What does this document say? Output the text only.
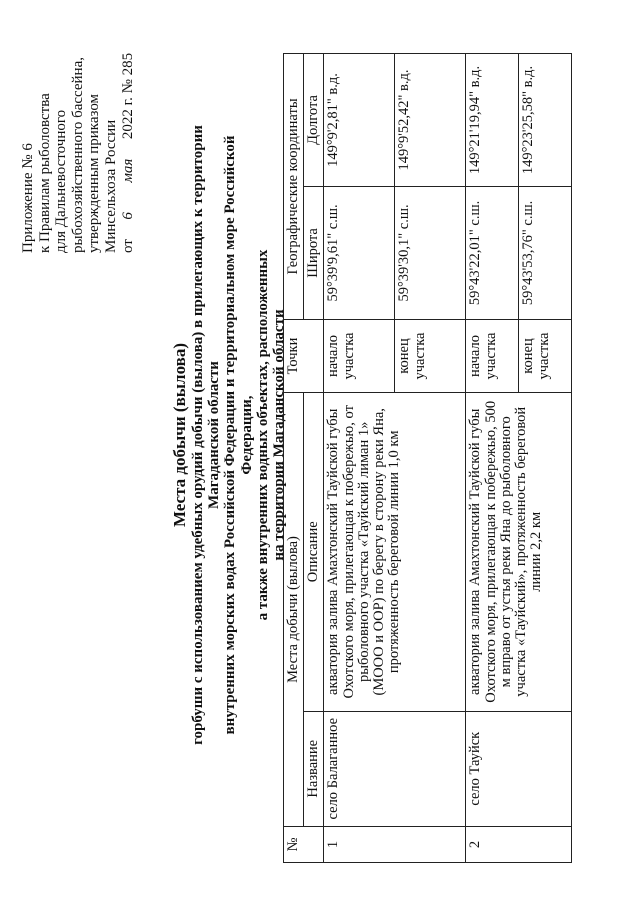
Приложение № 6 к Правилам рыболовства для Дальневосточного рыбохозяйственного бассейна, утвержденным приказом Минсельхоза России от  6  мая  2022 г. № 285
Места добычи (вылова) горбуши с использованием удебных орудий добычи (вылова) в прилегающих к территории Магаданской области внутренних морских водах Российской Федерации и территориальном море Российской Федерации, а также внутренних водных объектах, расположенных на территории Магаданской области
№	Места добычи (вылова)		Точки	Географические координаты	
	Название	Описание		Широта	Долгота
1	село Балаганное	акватория залива Амахтонский Тауйской губы Охотского моря, прилегающая к побережью, от рыболовного участка «Тауйский лиман 1» (МООО и ООР) по берегу в сторону реки Яна, протяженность береговой линии 1,0 км	начало участка	59°39'9,61" с.ш.	149°9'2,81" в.д.
			конец участка	59°39'30,1" с.ш.	149°9'52,42" в.д.
2	село Тауйск	акватория залива Амахтонский Тауйской губы Охотского моря, прилегающая к побережью, 500 м вправо от устья реки Яна до рыболовного участка «Тауйский», протяженность береговой линии 2,2 км	начало участка	59°43'22,01" с.ш.	149°21'19,94" в.д.
			конец участка	59°43'53,76" с.ш.	149°23'25,58" в.д.
